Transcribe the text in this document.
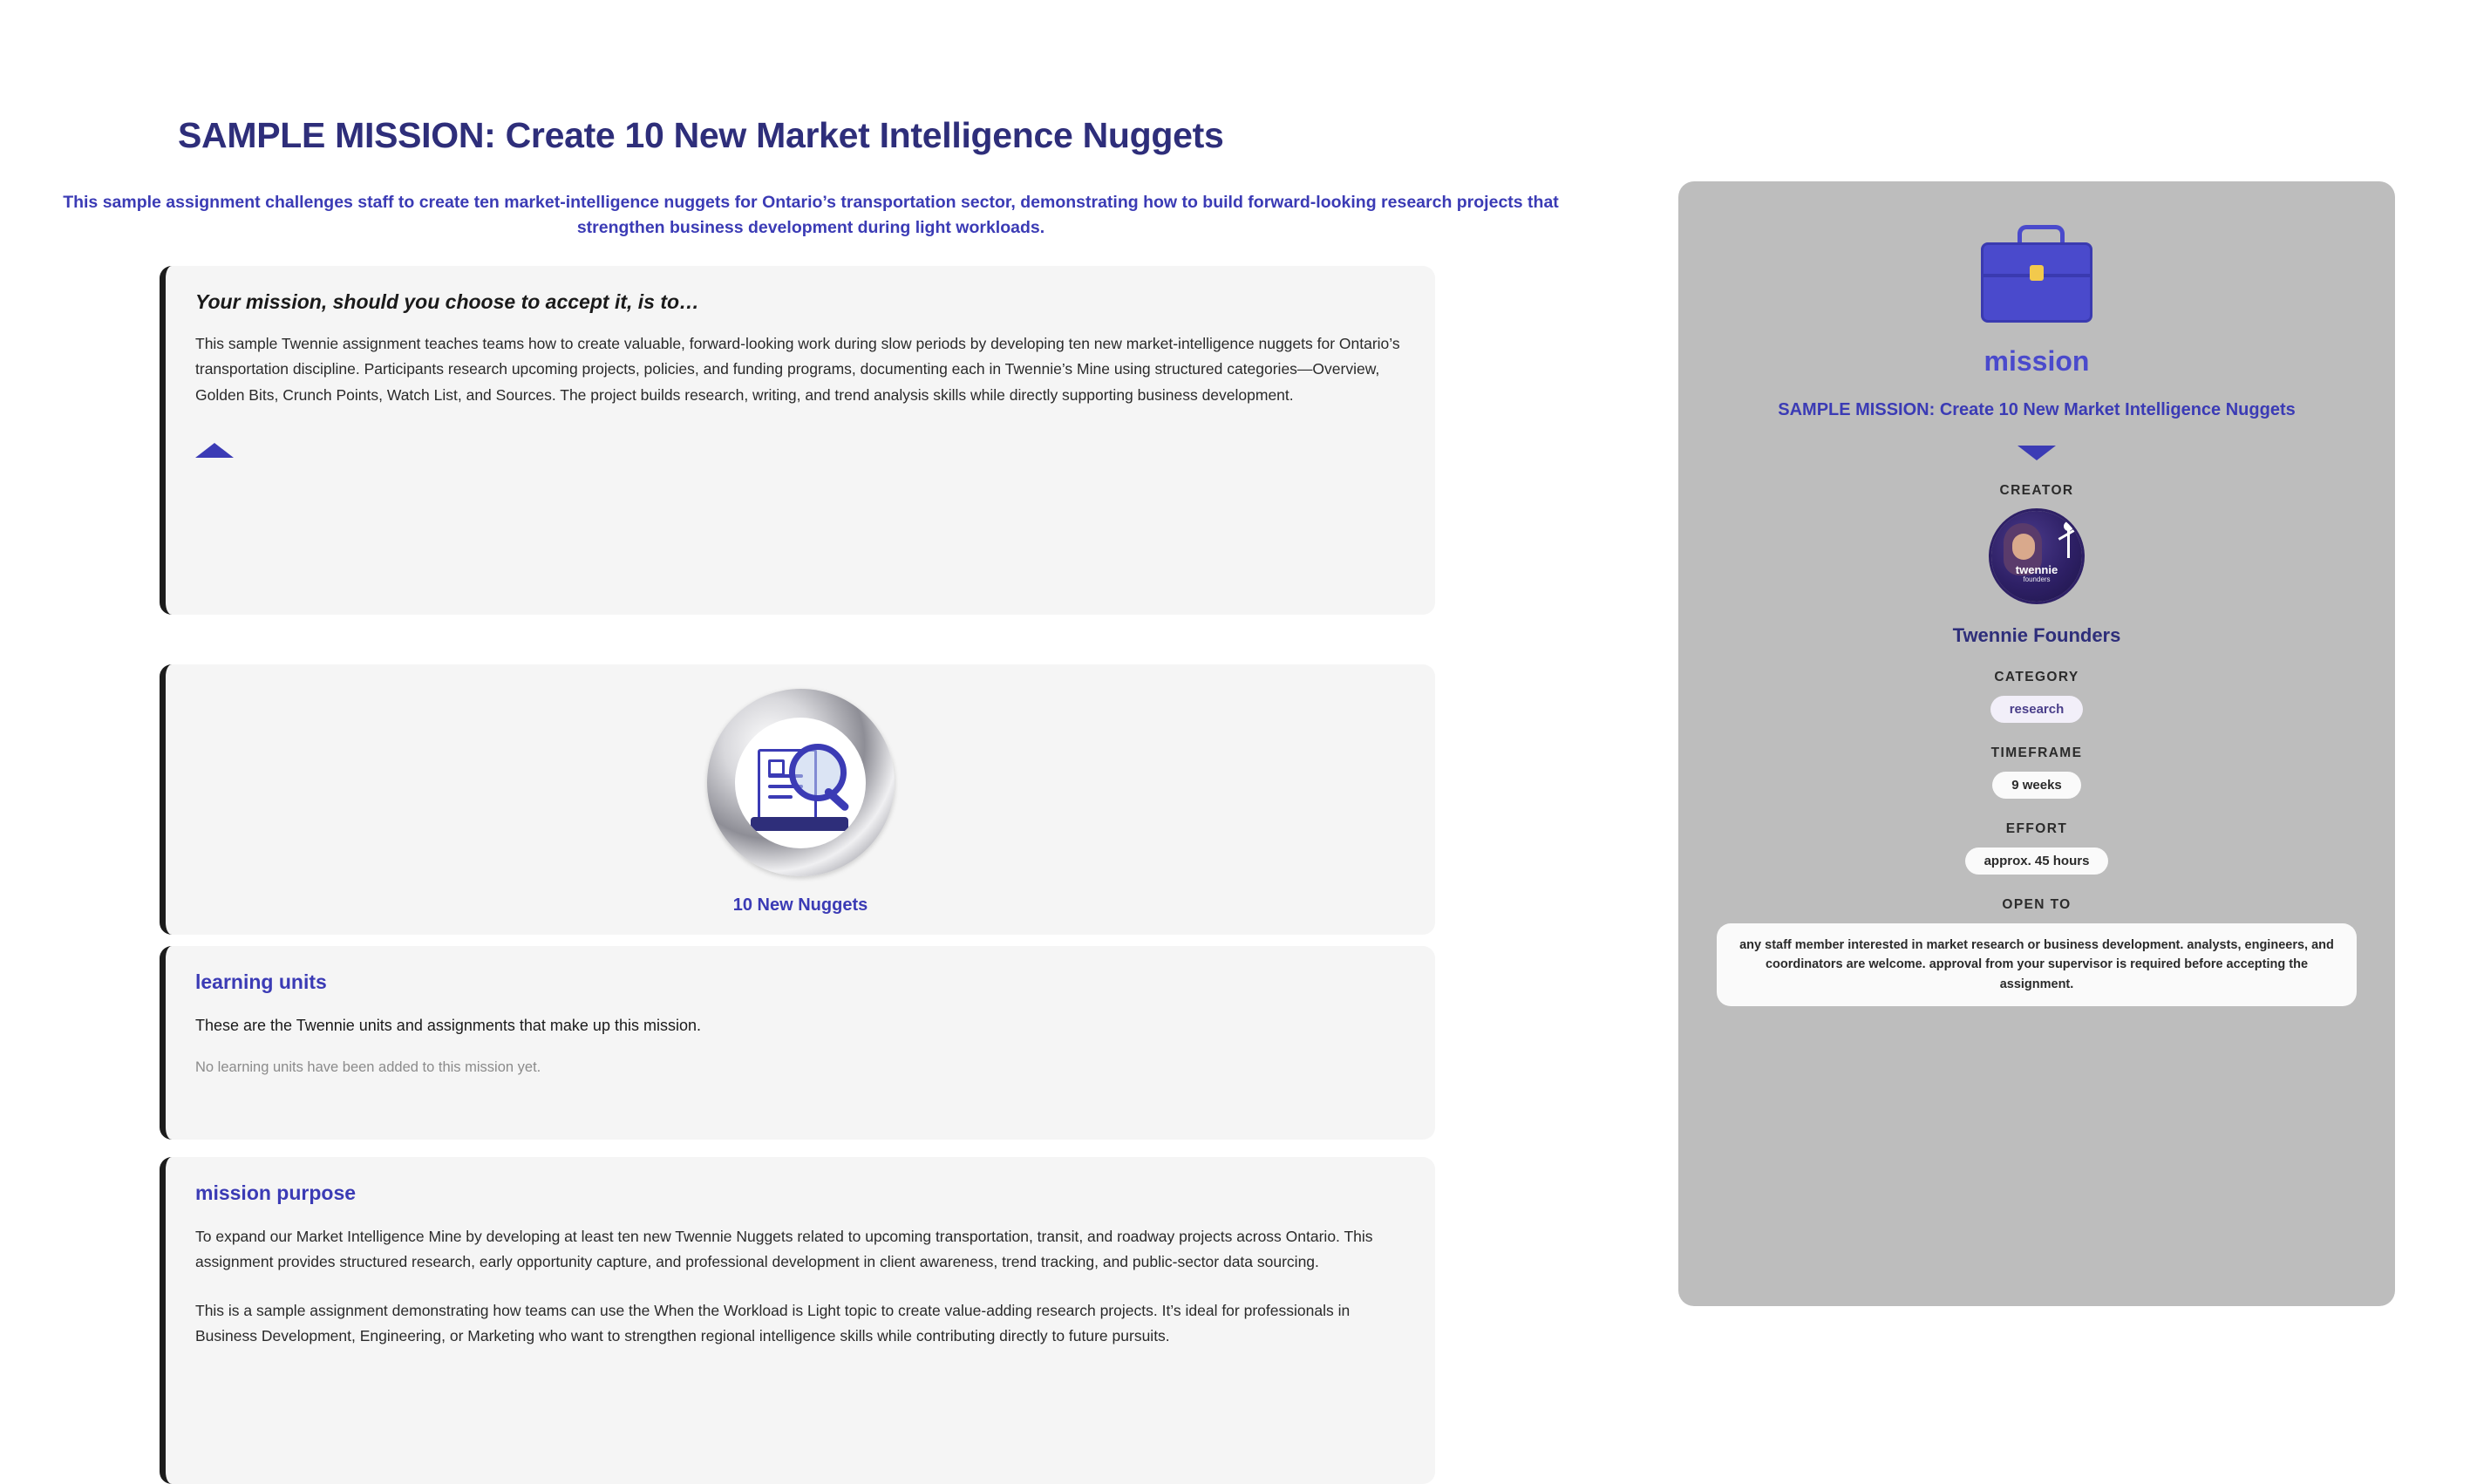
SAMPLE MISSION: Create 10 New Market Intelligence Nuggets
This sample assignment challenges staff to create ten market-intelligence nuggets for Ontario’s transportation sector, demonstrating how to build forward-looking research projects that strengthen business development during light workloads.
Your mission, should you choose to accept it, is to…
This sample Twennie assignment teaches teams how to create valuable, forward-looking work during slow periods by developing ten new market-intelligence nuggets for Ontario’s transportation discipline. Participants research upcoming projects, policies, and funding programs, documenting each in Twennie’s Mine using structured categories—Overview, Golden Bits, Crunch Points, Watch List, and Sources. The project builds research, writing, and trend analysis skills while directly supporting business development.
10 New Nuggets
learning units

These are the Twennie units and assignments that make up this mission.

No learning units have been added to this mission yet.

mission purpose
To expand our Market Intelligence Mine by developing at least ten new Twennie Nuggets related to upcoming transportation, transit, and roadway projects across Ontario. This assignment provides structured research, early opportunity capture, and professional development in client awareness, trend tracking, and public-sector data sourcing.
This is a sample assignment demonstrating how teams can use the When the Workload is Light topic to create value-adding research projects. It’s ideal for professionals in Business Development, Engineering, or Marketing who want to strengthen regional intelligence skills while contributing directly to future pursuits.
mission
SAMPLE MISSION: Create 10 New Market Intelligence Nuggets
CREATOR
twennie
founders
Twennie Founders
CATEGORY
research
TIMEFRAME
9 weeks
EFFORT
approx. 45 hours
OPEN TO
any staff member interested in market research or business development. analysts, engineers, and coordinators are welcome. approval from your supervisor is required before accepting the assignment.
